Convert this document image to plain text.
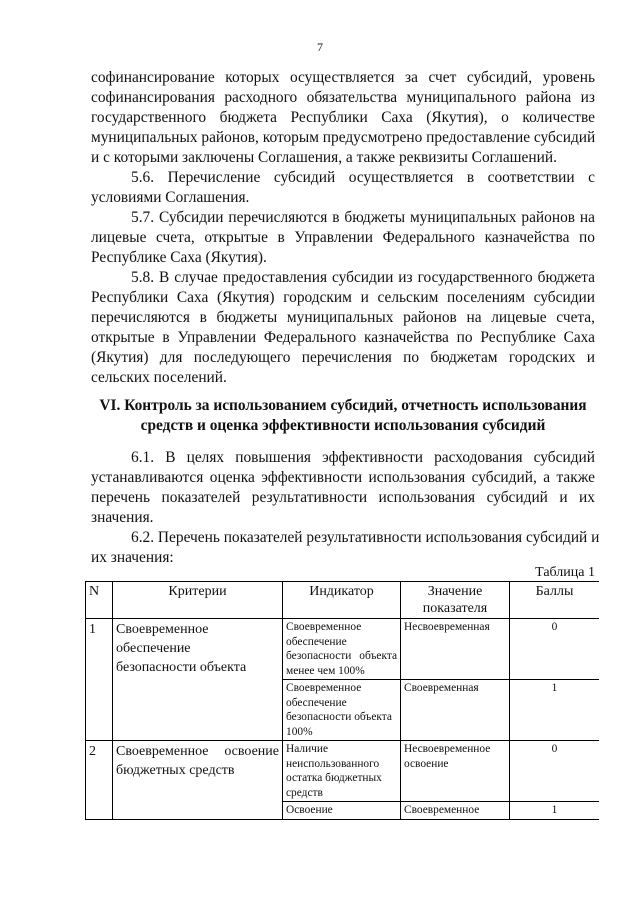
7
софинансирование которых осуществляется за счет субсидий, уровень
софинансирования расходного обязательства муниципального района из
государственного бюджета Республики Саха (Якутия), о количестве
муниципальных районов, которым предусмотрено предоставление субсидий
и с которыми заключены Соглашения, а также реквизиты Соглашений.
5.6. Перечисление субсидий осуществляется в соответствии с
условиями Соглашения.
5.7. Субсидии перечисляются в бюджеты муниципальных районов на
лицевые счета, открытые в Управлении Федерального казначейства по
Республике Саха (Якутия).
5.8. В случае предоставления субсидии из государственного бюджета
Республики Саха (Якутия) городским и сельским поселениям субсидии
перечисляются в бюджеты муниципальных районов на лицевые счета,
открытые в Управлении Федерального казначейства по Республике Саха
(Якутия) для последующего перечисления по бюджетам городских и
сельских поселений.
VI. Контроль за использованием субсидий, отчетность использования
средств и оценка эффективности использования субсидий
6.1. В целях повышения эффективности расходования субсидий
устанавливаются оценка эффективности использования субсидий, а также
перечень показателей результативности использования субсидий и их
значения.
6.2. Перечень показателей результативности использования субсидий и
их значения:
Таблица 1
N	Критерии	Индикатор	Значение показателя	Баллы
1	Своевременное обеспечение безопасности объекта	Своевременное обеспечение безопасности объекта менее чем 100%	Несвоевременная	0
		Своевременное обеспечение безопасности объекта 100%	Своевременная	1
2	Своевременное освоение бюджетных средств	Наличие неиспользованного остатка бюджетных средств	Несвоевременное освоение	0
		Освоение	Своевременное	1
